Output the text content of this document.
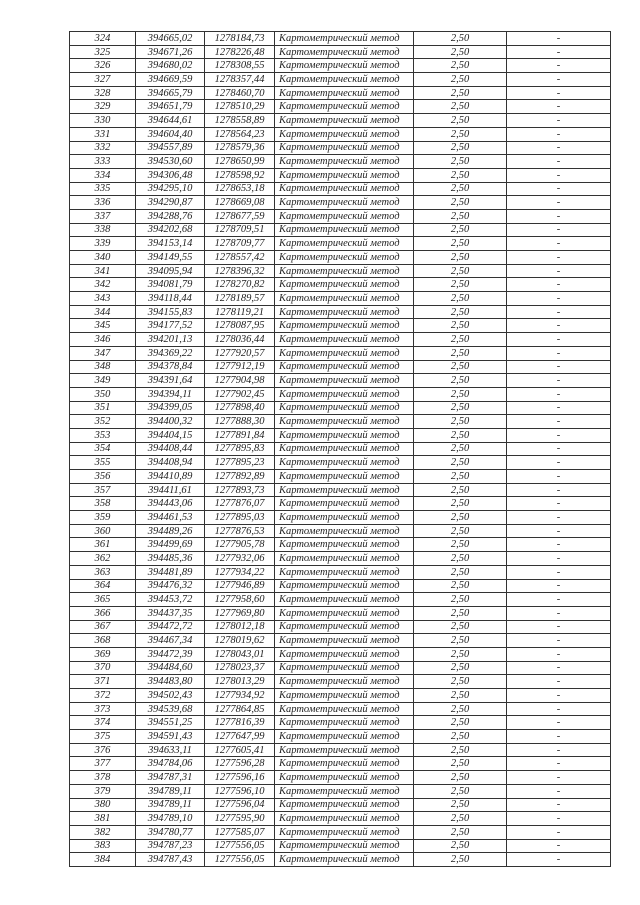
324	394665,02	1278184,73	Картометрический метод	2,50	-
325	394671,26	1278226,48	Картометрический метод	2,50	-
326	394680,02	1278308,55	Картометрический метод	2,50	-
327	394669,59	1278357,44	Картометрический метод	2,50	-
328	394665,79	1278460,70	Картометрический метод	2,50	-
329	394651,79	1278510,29	Картометрический метод	2,50	-
330	394644,61	1278558,89	Картометрический метод	2,50	-
331	394604,40	1278564,23	Картометрический метод	2,50	-
332	394557,89	1278579,36	Картометрический метод	2,50	-
333	394530,60	1278650,99	Картометрический метод	2,50	-
334	394306,48	1278598,92	Картометрический метод	2,50	-
335	394295,10	1278653,18	Картометрический метод	2,50	-
336	394290,87	1278669,08	Картометрический метод	2,50	-
337	394288,76	1278677,59	Картометрический метод	2,50	-
338	394202,68	1278709,51	Картометрический метод	2,50	-
339	394153,14	1278709,77	Картометрический метод	2,50	-
340	394149,55	1278557,42	Картометрический метод	2,50	-
341	394095,94	1278396,32	Картометрический метод	2,50	-
342	394081,79	1278270,82	Картометрический метод	2,50	-
343	394118,44	1278189,57	Картометрический метод	2,50	-
344	394155,83	1278119,21	Картометрический метод	2,50	-
345	394177,52	1278087,95	Картометрический метод	2,50	-
346	394201,13	1278036,44	Картометрический метод	2,50	-
347	394369,22	1277920,57	Картометрический метод	2,50	-
348	394378,84	1277912,19	Картометрический метод	2,50	-
349	394391,64	1277904,98	Картометрический метод	2,50	-
350	394394,11	1277902,45	Картометрический метод	2,50	-
351	394399,05	1277898,40	Картометрический метод	2,50	-
352	394400,32	1277888,30	Картометрический метод	2,50	-
353	394404,15	1277891,84	Картометрический метод	2,50	-
354	394408,44	1277895,83	Картометрический метод	2,50	-
355	394408,94	1277895,23	Картометрический метод	2,50	-
356	394410,89	1277892,89	Картометрический метод	2,50	-
357	394411,61	1277893,73	Картометрический метод	2,50	-
358	394443,06	1277876,07	Картометрический метод	2,50	-
359	394461,53	1277895,03	Картометрический метод	2,50	-
360	394489,26	1277876,53	Картометрический метод	2,50	-
361	394499,69	1277905,78	Картометрический метод	2,50	-
362	394485,36	1277932,06	Картометрический метод	2,50	-
363	394481,89	1277934,22	Картометрический метод	2,50	-
364	394476,32	1277946,89	Картометрический метод	2,50	-
365	394453,72	1277958,60	Картометрический метод	2,50	-
366	394437,35	1277969,80	Картометрический метод	2,50	-
367	394472,72	1278012,18	Картометрический метод	2,50	-
368	394467,34	1278019,62	Картометрический метод	2,50	-
369	394472,39	1278043,01	Картометрический метод	2,50	-
370	394484,60	1278023,37	Картометрический метод	2,50	-
371	394483,80	1278013,29	Картометрический метод	2,50	-
372	394502,43	1277934,92	Картометрический метод	2,50	-
373	394539,68	1277864,85	Картометрический метод	2,50	-
374	394551,25	1277816,39	Картометрический метод	2,50	-
375	394591,43	1277647,99	Картометрический метод	2,50	-
376	394633,11	1277605,41	Картометрический метод	2,50	-
377	394784,06	1277596,28	Картометрический метод	2,50	-
378	394787,31	1277596,16	Картометрический метод	2,50	-
379	394789,11	1277596,10	Картометрический метод	2,50	-
380	394789,11	1277596,04	Картометрический метод	2,50	-
381	394789,10	1277595,90	Картометрический метод	2,50	-
382	394780,77	1277585,07	Картометрический метод	2,50	-
383	394787,23	1277556,05	Картометрический метод	2,50	-
384	394787,43	1277556,05	Картометрический метод	2,50	-
